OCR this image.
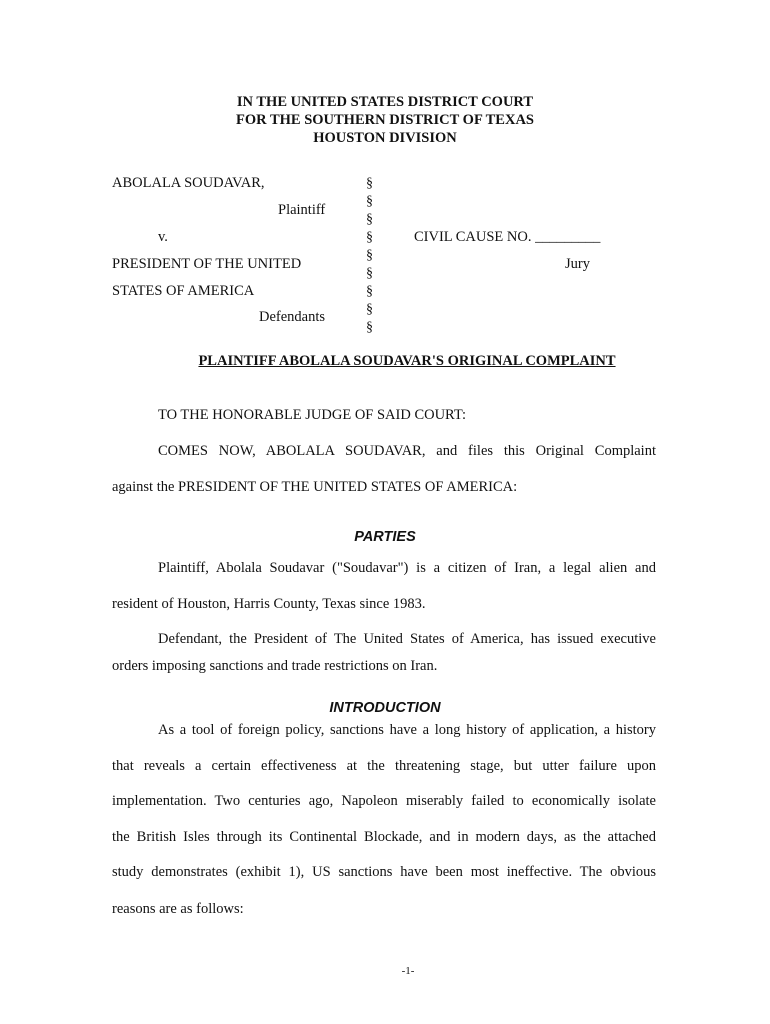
IN THE UNITED STATES DISTRICT COURT
FOR THE SOUTHERN DISTRICT OF TEXAS
HOUSTON DIVISION
ABOLALA SOUDAVAR,
Plaintiff
v.
PRESIDENT OF THE UNITED
STATES OF AMERICA
Defendants
§
§
§
§
§
§
§
§
§
CIVIL CAUSE NO. _________
Jury
PLAINTIFF ABOLALA SOUDAVAR'S ORIGINAL COMPLAINT
TO THE HONORABLE JUDGE OF SAID COURT:
COMES NOW, ABOLALA SOUDAVAR, and files this Original Complaint
against the PRESIDENT OF THE UNITED STATES OF AMERICA:
PARTIES
Plaintiff, Abolala Soudavar ("Soudavar") is a citizen of Iran, a legal alien and
resident of Houston, Harris County, Texas since 1983.
Defendant, the President of The United States of America, has issued executive
orders imposing sanctions and trade restrictions on Iran.
INTRODUCTION
As a tool of foreign policy, sanctions have a long history of application, a history
that reveals a certain effectiveness at the threatening stage, but utter failure upon
implementation. Two centuries ago, Napoleon miserably failed to economically isolate
the British Isles through its Continental Blockade, and in modern days, as the attached
study demonstrates (exhibit 1), US sanctions have been most ineffective. The obvious
reasons are as follows:
-1-
